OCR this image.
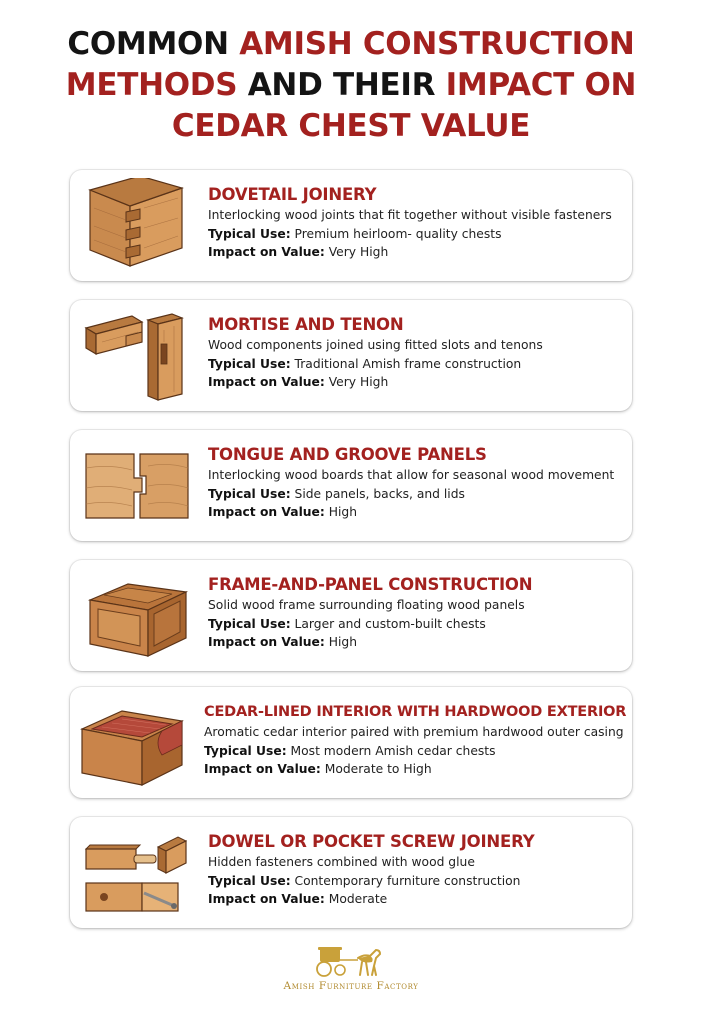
COMMON AMISH CONSTRUCTION
METHODS AND THEIR IMPACT ON
CEDAR CHEST VALUE
DOVETAIL JOINERY
Interlocking wood joints that fit together without visible fasteners
Typical Use: Premium heirloom- quality chests
Impact on Value: Very High
MORTISE AND TENON
Wood components joined using fitted slots and tenons
Typical Use: Traditional Amish frame construction
Impact on Value: Very High
TONGUE AND GROOVE PANELS
Interlocking wood boards that allow for seasonal wood movement
Typical Use: Side panels, backs, and lids
Impact on Value: High
FRAME-AND-PANEL CONSTRUCTION
Solid wood frame surrounding floating wood panels
Typical Use: Larger and custom-built chests
Impact on Value: High
CEDAR-LINED INTERIOR WITH HARDWOOD EXTERIOR
Aromatic cedar interior paired with premium hardwood outer casing
Typical Use: Most modern Amish cedar chests
Impact on Value: Moderate to High
DOWEL OR POCKET SCREW JOINERY
Hidden fasteners combined with wood glue
Typical Use: Contemporary furniture construction
Impact on Value: Moderate
Amish Furniture Factory
